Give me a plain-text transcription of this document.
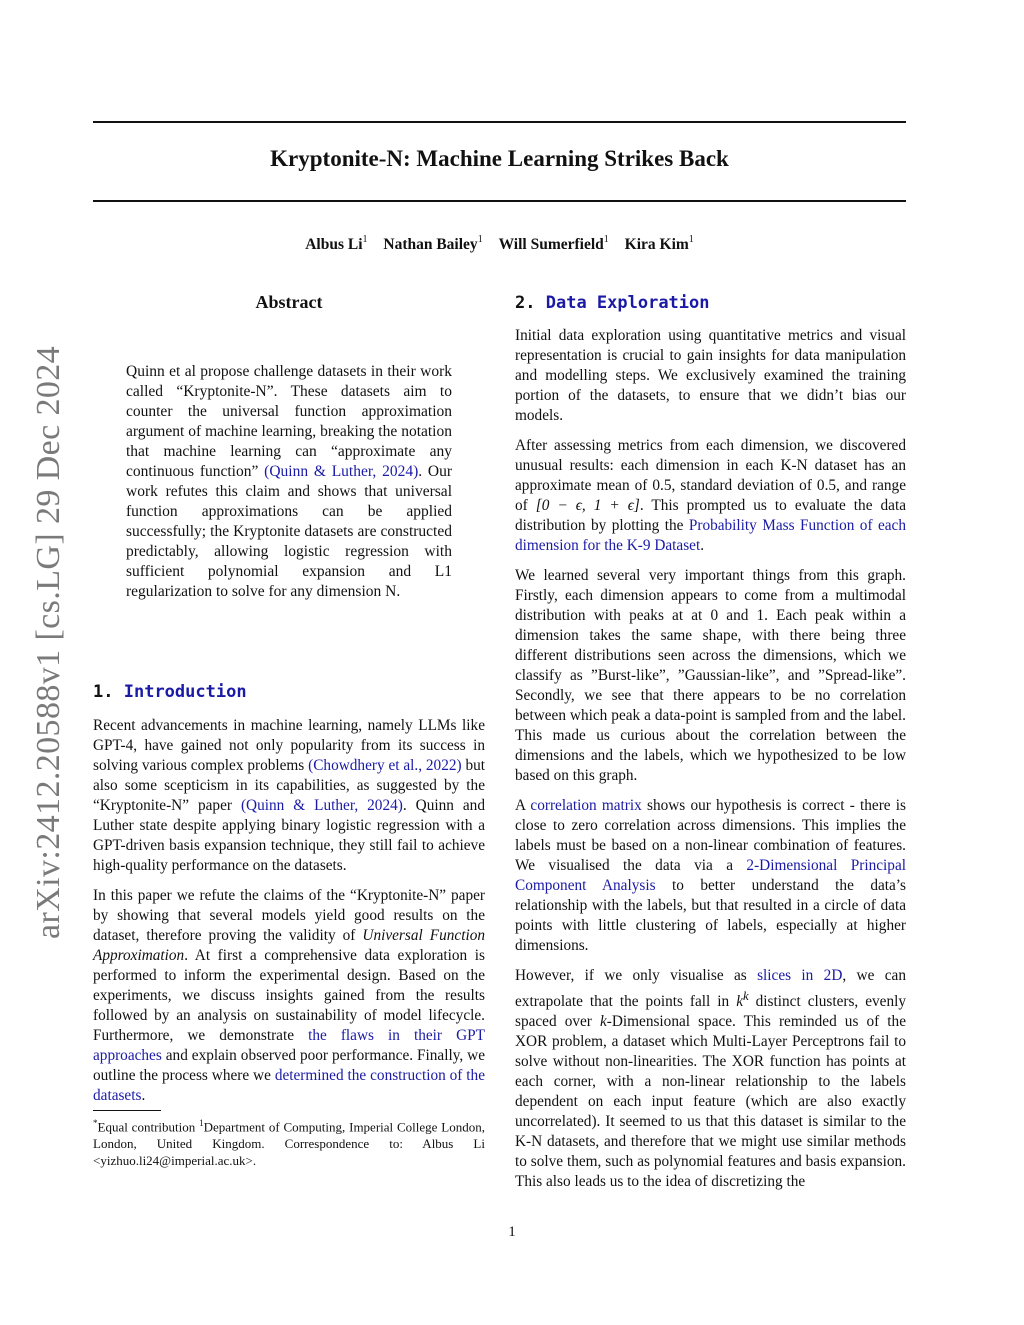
Kryptonite-N: Machine Learning Strikes Back
Albus Li$^1$ Nathan Bailey$^1$ Will Sumerfield$^1$ Kira Kim$^1$
arXiv:2412.20588v1 [cs.LG] 29 Dec 2024
Abstract
Quinn et al propose challenge datasets in their work called “Kryptonite-N”. These datasets aim to counter the universal function approximation argument of machine learning, breaking the notation that machine learning can “approximate any continuous function” (Quinn & Luther, 2024). Our work refutes this claim and shows that universal function approximations can be applied successfully; the Kryptonite datasets are constructed predictably, allowing logistic regression with sufficient polynomial expansion and L1 regularization to solve for any dimension N.
1. Introduction

Recent advancements in machine learning, namely LLMs like GPT-4, have gained not only popularity from its success in solving various complex problems (Chowdhery et al., 2022) but also some scepticism in its capabilities, as suggested by the “Kryptonite-N” paper (Quinn & Luther, 2024). Quinn and Luther state despite applying binary logistic regression with a GPT-driven basis expansion technique, they still fail to achieve high-quality performance on the datasets.

In this paper we refute the claims of the “Kryptonite-N” paper by showing that several models yield good results on the dataset, therefore proving the validity of Universal Function Approximation. At first a comprehensive data exploration is performed to inform the experimental design. Based on the experiments, we discuss insights gained from the results followed by an analysis on sustainability of model lifecycle. Furthermore, we demonstrate the flaws in their GPT approaches and explain observed poor performance. Finally, we outline the process where we determined the construction of the datasets.

*Equal contribution $^1$Department of Computing, Imperial College London, London, United Kingdom. Correspondence to: Albus Li <yizhuo.li24@imperial.ac.uk>.
2. Data Exploration

Initial data exploration using quantitative metrics and visual representation is crucial to gain insights for data manipulation and modelling steps. We exclusively examined the training portion of the datasets, to ensure that we didn’t bias our models.

After assessing metrics from each dimension, we discovered unusual results: each dimension in each K-N dataset has an approximate mean of 0.5, standard deviation of 0.5, and range of [0 − ϵ, 1 + ϵ]. This prompted us to evaluate the data distribution by plotting the Probability Mass Function of each dimension for the K-9 Dataset.

We learned several very important things from this graph. Firstly, each dimension appears to come from a multimodal distribution with peaks at at 0 and 1. Each peak within a dimension takes the same shape, with there being three different distributions seen across the dimensions, which we classify as ”Burst-like”, ”Gaussian-like”, and ”Spread-like”. Secondly, we see that there appears to be no correlation between which peak a data-point is sampled from and the label. This made us curious about the correlation between the dimensions and the labels, which we hypothesized to be low based on this graph.

A correlation matrix shows our hypothesis is correct - there is close to zero correlation across dimensions. This implies the labels must be based on a non-linear combination of features. We visualised the data via a 2-Dimensional Principal Component Analysis to better understand the data’s relationship with the labels, but that resulted in a circle of data points with little clustering of labels, especially at higher dimensions.

However, if we only visualise as slices in 2D, we can extrapolate that the points fall in $k^k$ distinct clusters, evenly spaced over k-Dimensional space. This reminded us of the XOR problem, a dataset which Multi-Layer Perceptrons fail to solve without non-linearities. The XOR function has points at each corner, with a non-linear relationship to the labels dependent on each input feature (which are also exactly uncorrelated). It seemed to us that this dataset is similar to the K-N datasets, and therefore that we might use similar methods to solve them, such as polynomial features and basis expansion. This also leads us to the idea of discretizing the

1
